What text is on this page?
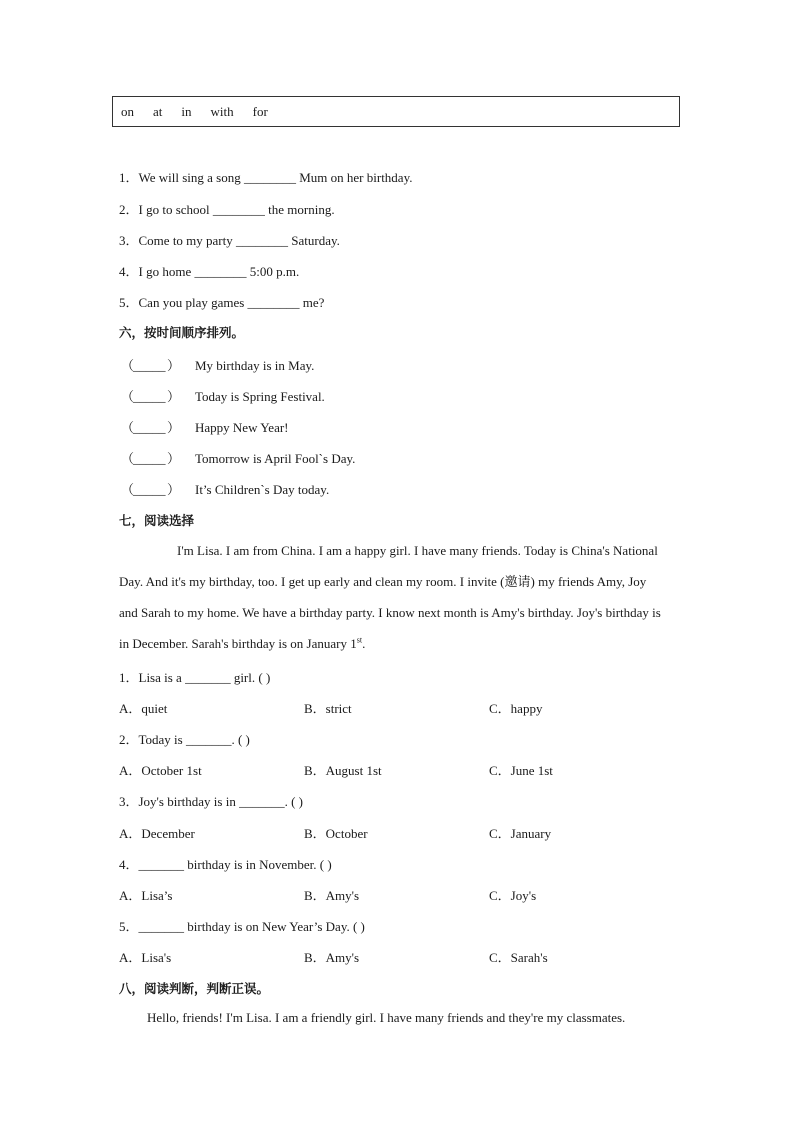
on at in with for
1．We will sing a song ________ Mum on her birthday.
2．I go to school ________ the morning.
3．Come to my party ________ Saturday.
4．I go home ________ 5:00 p.m.
5．Can you play games ________ me?
六，按时间顺序排列。
（_____ ） My birthday is in May.
（_____ ） Today is Spring Festival.
（_____ ） Happy New Year!
（_____ ） Tomorrow is April Fool`s Day.
（_____ ） It’s Children`s Day today.
七，阅读选择
I'm Lisa. I am from China. I am a happy girl. I have many friends. Today is China's National Day. And it's my birthday, too. I get up early and clean my room. I invite (邀请) my friends Amy, Joy and Sarah to my home. We have a birthday party. I know next month is Amy's birthday. Joy's birthday is in December. Sarah's birthday is on January 1st.
1．Lisa is a _______ girl. ( )
A．quiet	B．strict	C．happy
2．Today is _______. ( )
A．October 1st	B．August 1st	C．June 1st
3．Joy's birthday is in _______. ( )
A．December	B．October	C．January
4．_______ birthday is in November. ( )
A．Lisa’s	B．Amy's	C．Joy's
5．_______ birthday is on New Year’s Day. ( )
A．Lisa's	B．Amy's	C．Sarah's
八，阅读判断，判断正误。
Hello, friends! I'm Lisa. I am a friendly girl. I have many friends and they're my classmates.
